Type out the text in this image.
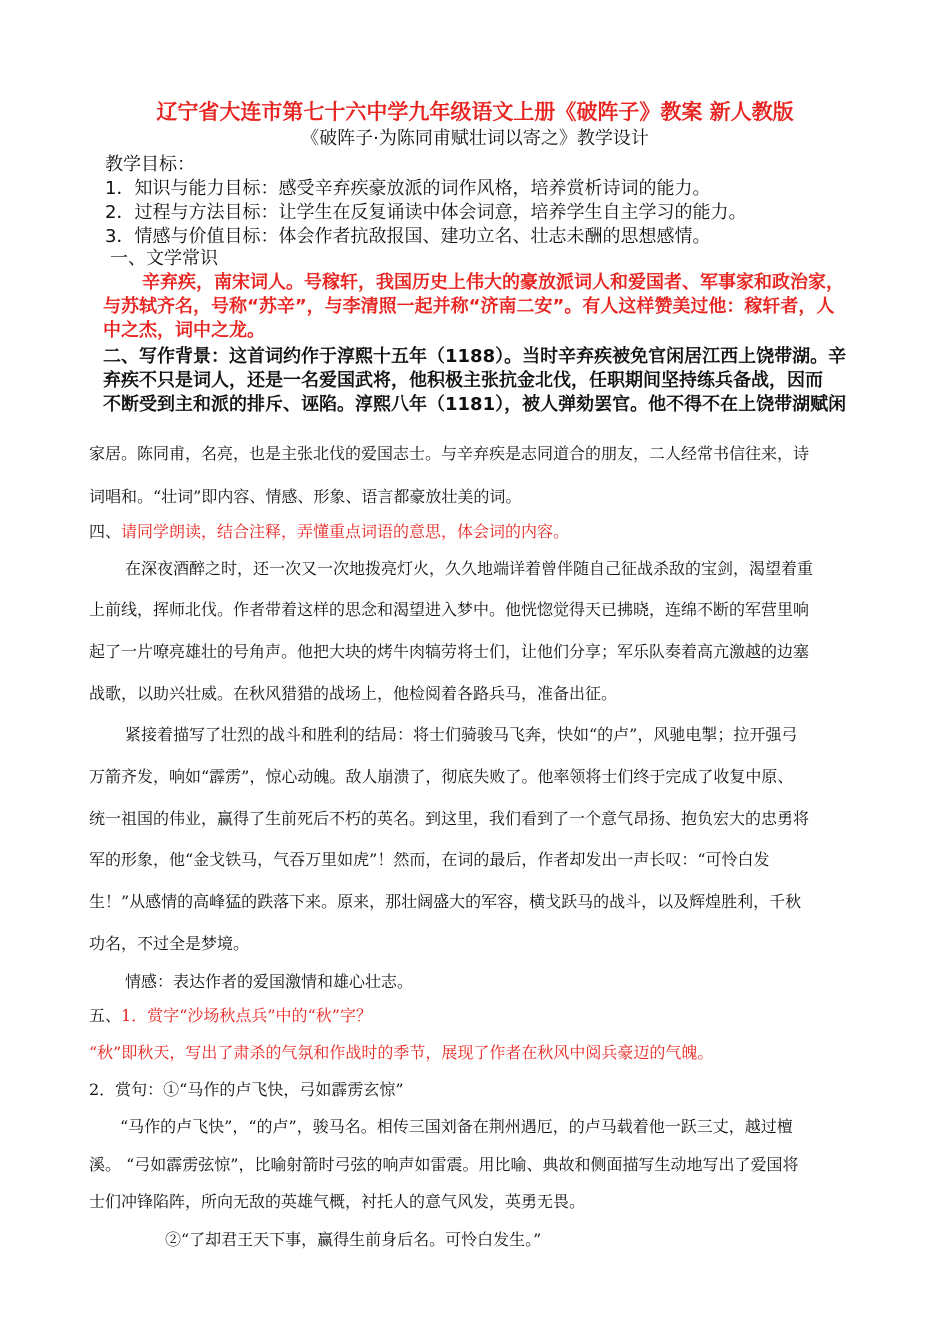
辽宁省大连市第七十六中学九年级语文上册《破阵子》教案 新人教版
《破阵子·为陈同甫赋壮词以寄之》教学设计
教学目标：
1．知识与能力目标：感受辛弃疾豪放派的词作风格，培养赏析诗词的能力。
2．过程与方法目标：让学生在反复诵读中体会词意，培养学生自主学习的能力。
3．情感与价值目标：体会作者抗敌报国、建功立名、壮志未酬的思想感情。
一、文学常识
辛弃疾，南宋词人。号稼轩，我国历史上伟大的豪放派词人和爱国者、军事家和政治家，
与苏轼齐名，号称“苏辛”，与李清照一起并称“济南二安”。有人这样赞美过他：稼轩者，人
中之杰，词中之龙。
二、写作背景：这首词约作于淳熙十五年（1188）。当时辛弃疾被免官闲居江西上饶带湖。辛
弃疾不只是词人，还是一名爱国武将，他积极主张抗金北伐，任职期间坚持练兵备战，因而
不断受到主和派的排斥、诬陷。淳熙八年（1181），被人弹劾罢官。他不得不在上饶带湖赋闲
家居。陈同甫，名亮，也是主张北伐的爱国志士。与辛弃疾是志同道合的朋友，二人经常书信往来，诗
词唱和。“壮词”即内容、情感、形象、语言都豪放壮美的词。
四、请同学朗读，结合注释，弄懂重点词语的意思，体会词的内容。
在深夜酒醉之时，还一次又一次地拨亮灯火，久久地端详着曾伴随自己征战杀敌的宝剑，渴望着重
上前线，挥师北伐。作者带着这样的思念和渴望进入梦中。他恍惚觉得天已拂晓，连绵不断的军营里响
起了一片嘹亮雄壮的号角声。他把大块的烤牛肉犒劳将士们，让他们分享；军乐队奏着高亢激越的边塞
战歌，以助兴壮威。在秋风猎猎的战场上，他检阅着各路兵马，准备出征。
紧接着描写了壮烈的战斗和胜利的结局：将士们骑骏马飞奔，快如“的卢”，风驰电掣；拉开强弓
万箭齐发，响如“霹雳”，惊心动魄。敌人崩溃了，彻底失败了。他率领将士们终于完成了收复中原、
统一祖国的伟业，赢得了生前死后不朽的英名。到这里，我们看到了一个意气昂扬、抱负宏大的忠勇将
军的形象，他“金戈铁马，气吞万里如虎”！然而，在词的最后，作者却发出一声长叹：“可怜白发
生！”从感情的高峰猛的跌落下来。原来，那壮阔盛大的军容，横戈跃马的战斗，以及辉煌胜利，千秋
功名，不过全是梦境。
情感：表达作者的爱国激情和雄心壮志。
五、1．赏字“沙场秋点兵”中的“秋”字？
“秋”即秋天，写出了肃杀的气氛和作战时的季节，展现了作者在秋风中阅兵豪迈的气魄。
2．赏句：①“马作的卢飞快，弓如霹雳玄惊”
“马作的卢飞快”，“的卢”，骏马名。相传三国刘备在荆州遇厄，的卢马载着他一跃三丈，越过檀
溪。 “弓如霹雳弦惊”，比喻射箭时弓弦的响声如雷震。用比喻、典故和侧面描写生动地写出了爱国将
士们冲锋陷阵，所向无敌的英雄气概，衬托人的意气风发，英勇无畏。
②“了却君王天下事，赢得生前身后名。可怜白发生。”
